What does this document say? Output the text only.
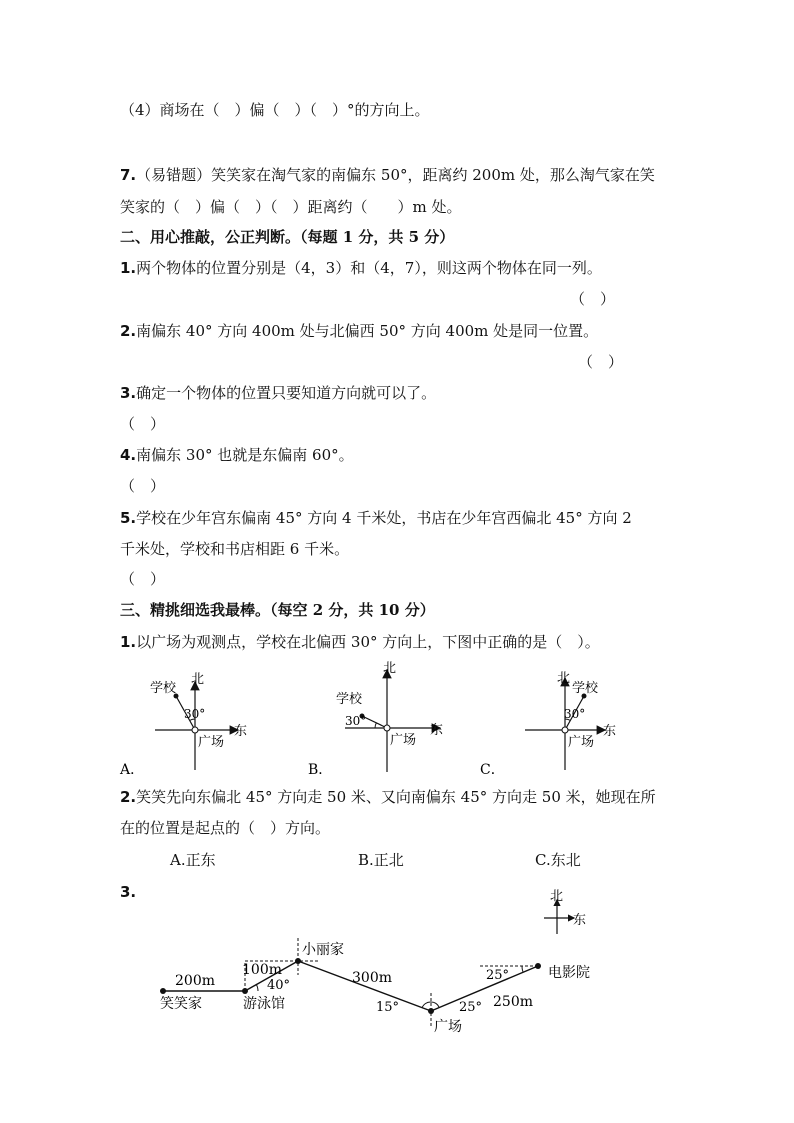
（4）商场在（　）偏（　）（　）°的方向上。
7.（易错题）笑笑家在淘气家的南偏东 50°，距离约 200m 处，那么淘气家在笑
笑家的（　）偏（　）（　）距离约（　　）m 处。
二、用心推敲，公正判断。（每题 1 分，共 5 分）
1.两个物体的位置分别是（4，3）和（4，7），则这两个物体在同一列。
（　）
2.南偏东 40° 方向 400m 处与北偏西 50° 方向 400m 处是同一位置。
（　）
3.确定一个物体的位置只要知道方向就可以了。
（　）
4.南偏东 30° 也就是东偏南 60°。
（　）
5.学校在少年宫东偏南 45° 方向 4 千米处，书店在少年宫西偏北 45° 方向 2
千米处，学校和书店相距 6 千米。
（　）
三、精挑细选我最棒。（每空 2 分，共 10 分）
1.以广场为观测点，学校在北偏西 30° 方向上，下图中正确的是（　）。
北
东
学校
30°
广场
北
东
学校
30°
广场
北
东
学校
30°
广场
A．	B．	C．
2.笑笑先向东偏北 45° 方向走 50 米、又向南偏东 45° 方向走 50 米，她现在所
在的位置是起点的（　）方向。
A.正东	B.正北	C.东北
3.	北
东
笑笑家	游泳馆
小丽家
广场
电影院
200m
100m	300m
250m
40°
15°	25°
25°
